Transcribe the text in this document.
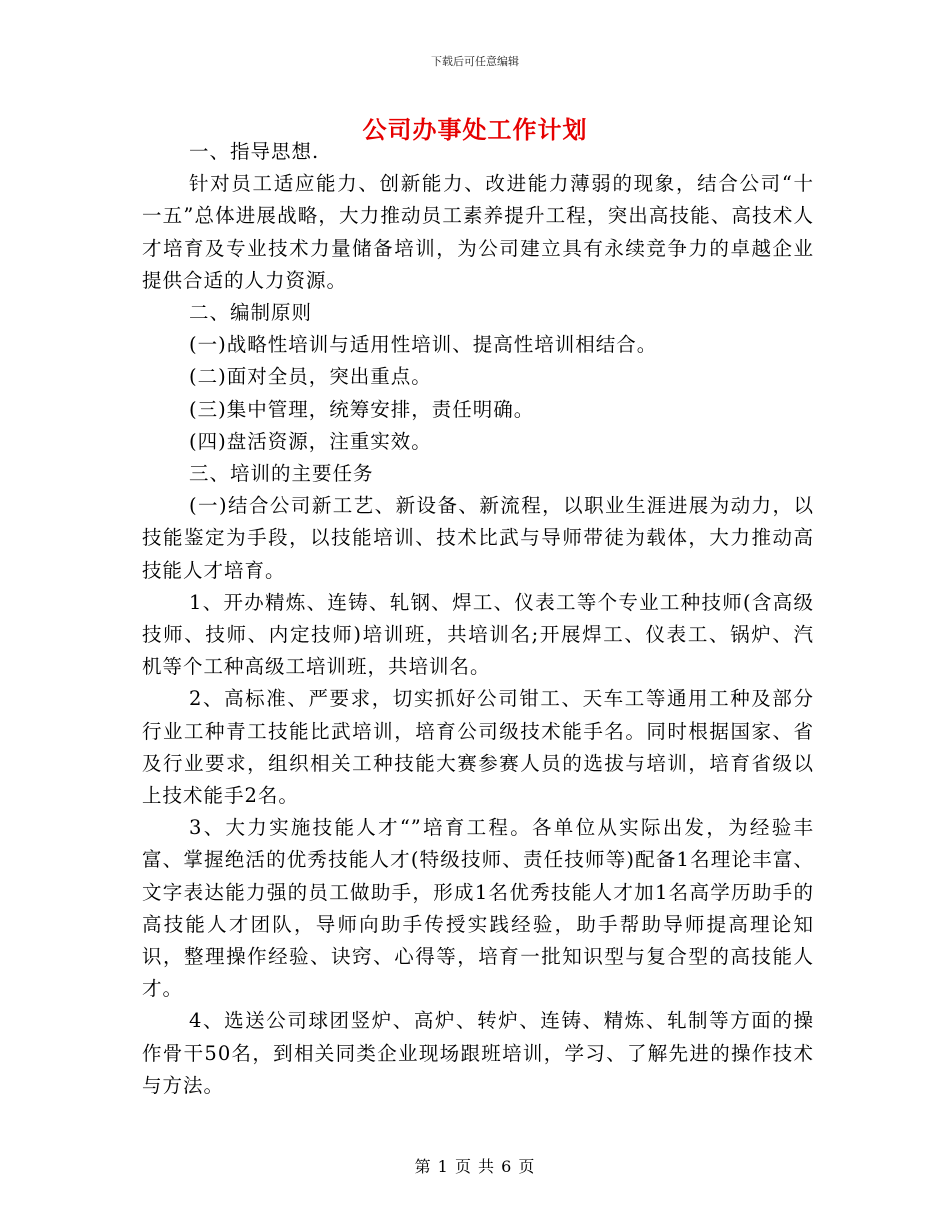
下载后可任意编辑
公司办事处工作计划

一、指导思想.

针对员工适应能力、创新能力、改进能力薄弱的现象，结合公司“十一五”总体进展战略，大力推动员工素养提升工程，突出高技能、高技术人才培育及专业技术力量储备培训，为公司建立具有永续竞争力的卓越企业提供合适的人力资源。

二、编制原则

(一)战略性培训与适用性培训、提高性培训相结合。

(二)面对全员，突出重点。

(三)集中管理，统筹安排，责任明确。

(四)盘活资源，注重实效。

三、培训的主要任务

(一)结合公司新工艺、新设备、新流程，以职业生涯进展为动力，以技能鉴定为手段，以技能培训、技术比武与导师带徒为载体，大力推动高技能人才培育。

1、开办精炼、连铸、轧钢、焊工、仪表工等个专业工种技师(含高级技师、技师、内定技师)培训班，共培训名;开展焊工、仪表工、锅炉、汽机等个工种高级工培训班，共培训名。

2、高标准、严要求，切实抓好公司钳工、天车工等通用工种及部分行业工种青工技能比武培训，培育公司级技术能手名。同时根据国家、省及行业要求，组织相关工种技能大赛参赛人员的选拔与培训，培育省级以上技术能手2名。

3、大力实施技能人才“”培育工程。各单位从实际出发，为经验丰富、掌握绝活的优秀技能人才(特级技师、责任技师等)配备1名理论丰富、文字表达能力强的员工做助手，形成1名优秀技能人才加1名高学历助手的高技能人才团队，导师向助手传授实践经验，助手帮助导师提高理论知识，整理操作经验、诀窍、心得等，培育一批知识型与复合型的高技能人才。

4、选送公司球团竖炉、高炉、转炉、连铸、精炼、轧制等方面的操作骨干50名，到相关同类企业现场跟班培训，学习、了解先进的操作技术与方法。

第 1 页 共 6 页
